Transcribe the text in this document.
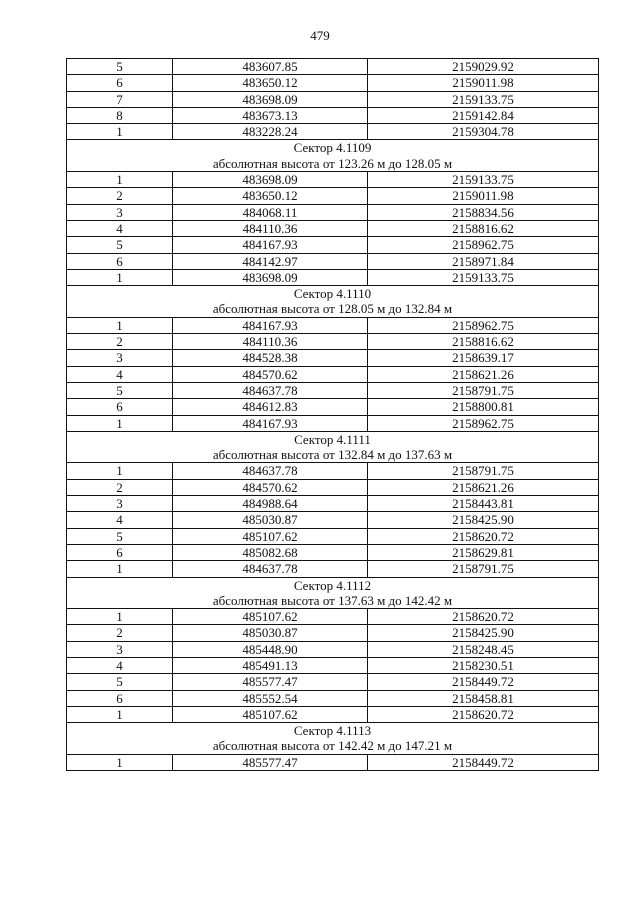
479
5	483607.85	2159029.92
6	483650.12	2159011.98
7	483698.09	2159133.75
8	483673.13	2159142.84
1	483228.24	2159304.78
Сектор 4.1109		
абсолютная высота от 123.26 м до 128.05 м		
1	483698.09	2159133.75
2	483650.12	2159011.98
3	484068.11	2158834.56
4	484110.36	2158816.62
5	484167.93	2158962.75
6	484142.97	2158971.84
1	483698.09	2159133.75
Сектор 4.1110		
абсолютная высота от 128.05 м до 132.84 м		
1	484167.93	2158962.75
2	484110.36	2158816.62
3	484528.38	2158639.17
4	484570.62	2158621.26
5	484637.78	2158791.75
6	484612.83	2158800.81
1	484167.93	2158962.75
Сектор 4.1111		
абсолютная высота от 132.84 м до 137.63 м		
1	484637.78	2158791.75
2	484570.62	2158621.26
3	484988.64	2158443.81
4	485030.87	2158425.90
5	485107.62	2158620.72
6	485082.68	2158629.81
1	484637.78	2158791.75
Сектор 4.1112		
абсолютная высота от 137.63 м до 142.42 м		
1	485107.62	2158620.72
2	485030.87	2158425.90
3	485448.90	2158248.45
4	485491.13	2158230.51
5	485577.47	2158449.72
6	485552.54	2158458.81
1	485107.62	2158620.72
Сектор 4.1113		
абсолютная высота от 142.42 м до 147.21 м		
1	485577.47	2158449.72
